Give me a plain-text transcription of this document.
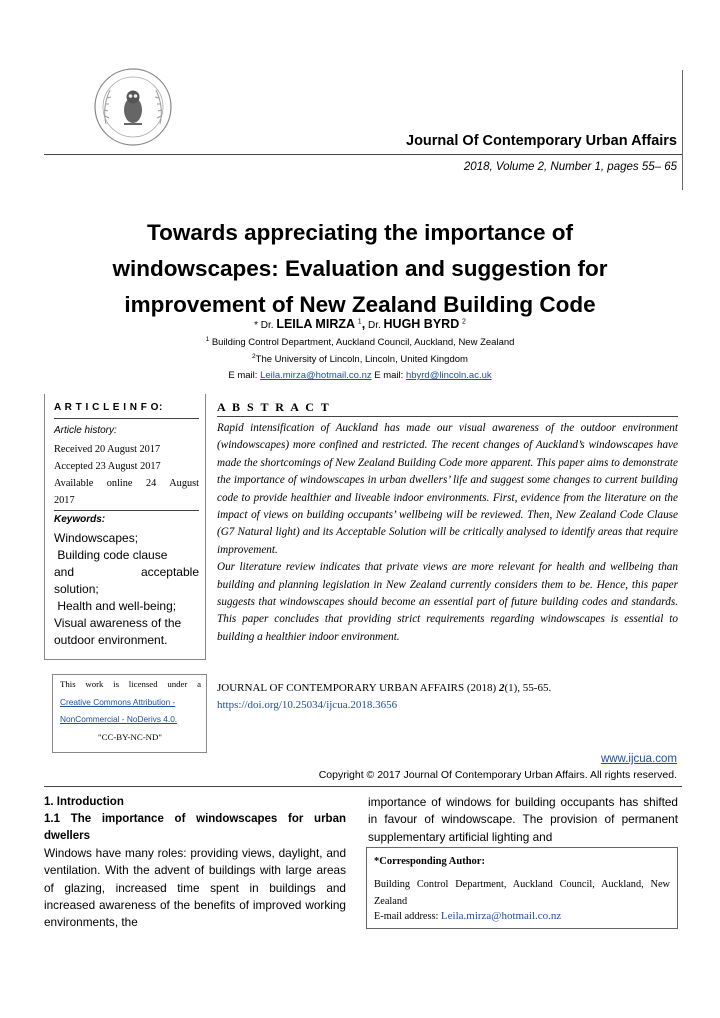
Journal Of Contemporary Urban Affairs
2018, Volume 2, Number 1, pages 55– 65
Towards appreciating the importance of
windowscapes: Evaluation and suggestion for
improvement of New Zealand Building Code
* Dr. LEILA MIRZA $^1$, Dr. HUGH BYRD $^2$
$^1$ Building Control Department, Auckland Council, Auckland, New Zealand
$^2$The University of Lincoln, Lincoln, United Kingdom
E mail: Leila.mirza@hotmail.co.nz E mail: hbyrd@lincoln.ac.uk
A R T I C L E I N F O:
Article history:
Received 20 August 2017
Accepted 23 August 2017
Available online 24 August
2017
Keywords:
Windowscapes;
Building code clause
and acceptable
solution;
Health and well-being;
Visual awareness of the
outdoor environment.
This work is licensed under a
Creative Commons Attribution -
NonCommercial - NoDerivs 4.0.
"CC-BY-NC-ND"
A B S T R A C T
Rapid intensification of Auckland has made our visual awareness of the outdoor environment (windowscapes) more confined and restricted. The recent changes of Auckland’s windowscapes have made the shortcomings of New Zealand Building Code more apparent. This paper aims to demonstrate the importance of windowscapes in urban dwellers’ life and suggest some changes to current building code to provide healthier and liveable indoor environments. First, evidence from the literature on the impact of views on building occupants’ wellbeing will be reviewed. Then, New Zealand Code Clause (G7 Natural light) and its Acceptable Solution will be critically analysed to identify areas that require improvement.
Our literature review indicates that private views are more relevant for health and wellbeing than building and planning legislation in New Zealand currently considers them to be. Hence, this paper suggests that windowscapes should become an essential part of future building codes and standards. This paper concludes that providing strict requirements regarding windowscapes is essential to building a healthier indoor environment.
JOURNAL OF CONTEMPORARY URBAN AFFAIRS (2018) 2(1), 55-65.
https://doi.org/10.25034/ijcua.2018.3656
www.ijcua.com
Copyright © 2017 Journal Of Contemporary Urban Affairs. All rights reserved.
1. Introduction
1.1 The importance of windowscapes for urban
dwellers
Windows have many roles: providing views, daylight, and ventilation. With the advent of buildings with large areas of glazing, increased time spent in buildings and increased awareness of the benefits of improved working environments, the
importance of windows for building occupants has shifted in favour of windowscape. The provision of permanent supplementary artificial lighting and
*Corresponding Author:
Building Control Department, Auckland Council, Auckland, New Zealand
E-mail address: Leila.mirza@hotmail.co.nz
